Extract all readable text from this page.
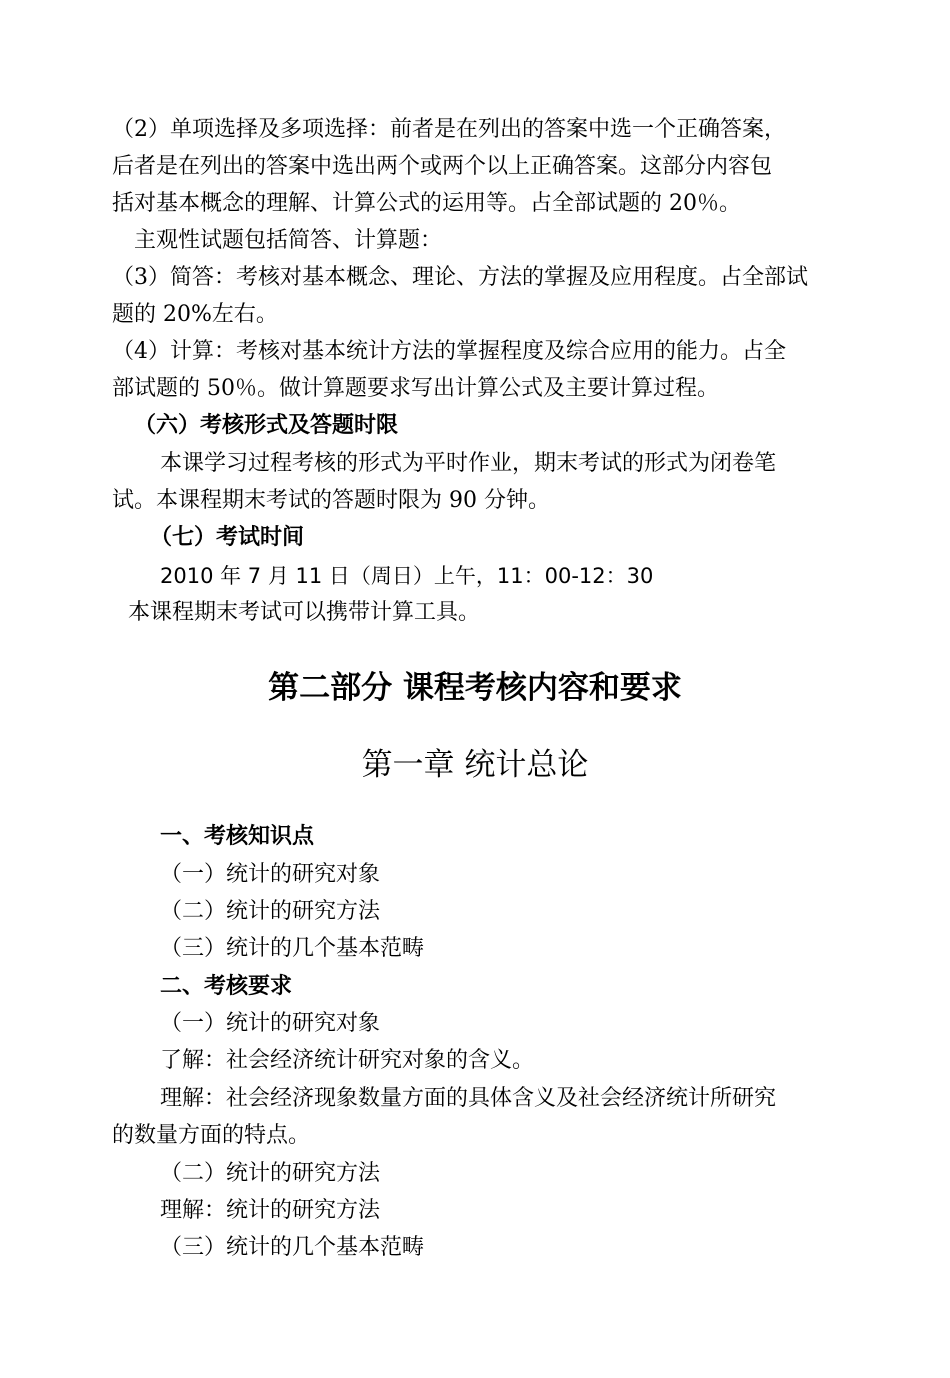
（2）单项选择及多项选择：前者是在列出的答案中选一个正确答案，
后者是在列出的答案中选出两个或两个以上正确答案。这部分内容包
括对基本概念的理解、计算公式的运用等。占全部试题的 20％。
主观性试题包括简答、计算题：
（3）简答：考核对基本概念、理论、方法的掌握及应用程度。占全部试
题的 20%左右。
（4）计算：考核对基本统计方法的掌握程度及综合应用的能力。占全
部试题的 50％。做计算题要求写出计算公式及主要计算过程。
（六）考核形式及答题时限
本课学习过程考核的形式为平时作业，期末考试的形式为闭卷笔
试。本课程期末考试的答题时限为 90 分钟。
（七）考试时间
2010 年 7 月 11 日（周日）上午，11：00-12：30
本课程期末考试可以携带计算工具。
第二部分 课程考核内容和要求
第一章 统计总论
一、考核知识点
（一）统计的研究对象
（二）统计的研究方法
（三）统计的几个基本范畴
二、考核要求
（一）统计的研究对象
了解：社会经济统计研究对象的含义。
理解：社会经济现象数量方面的具体含义及社会经济统计所研究
的数量方面的特点。
（二）统计的研究方法
理解：统计的研究方法
（三）统计的几个基本范畴
